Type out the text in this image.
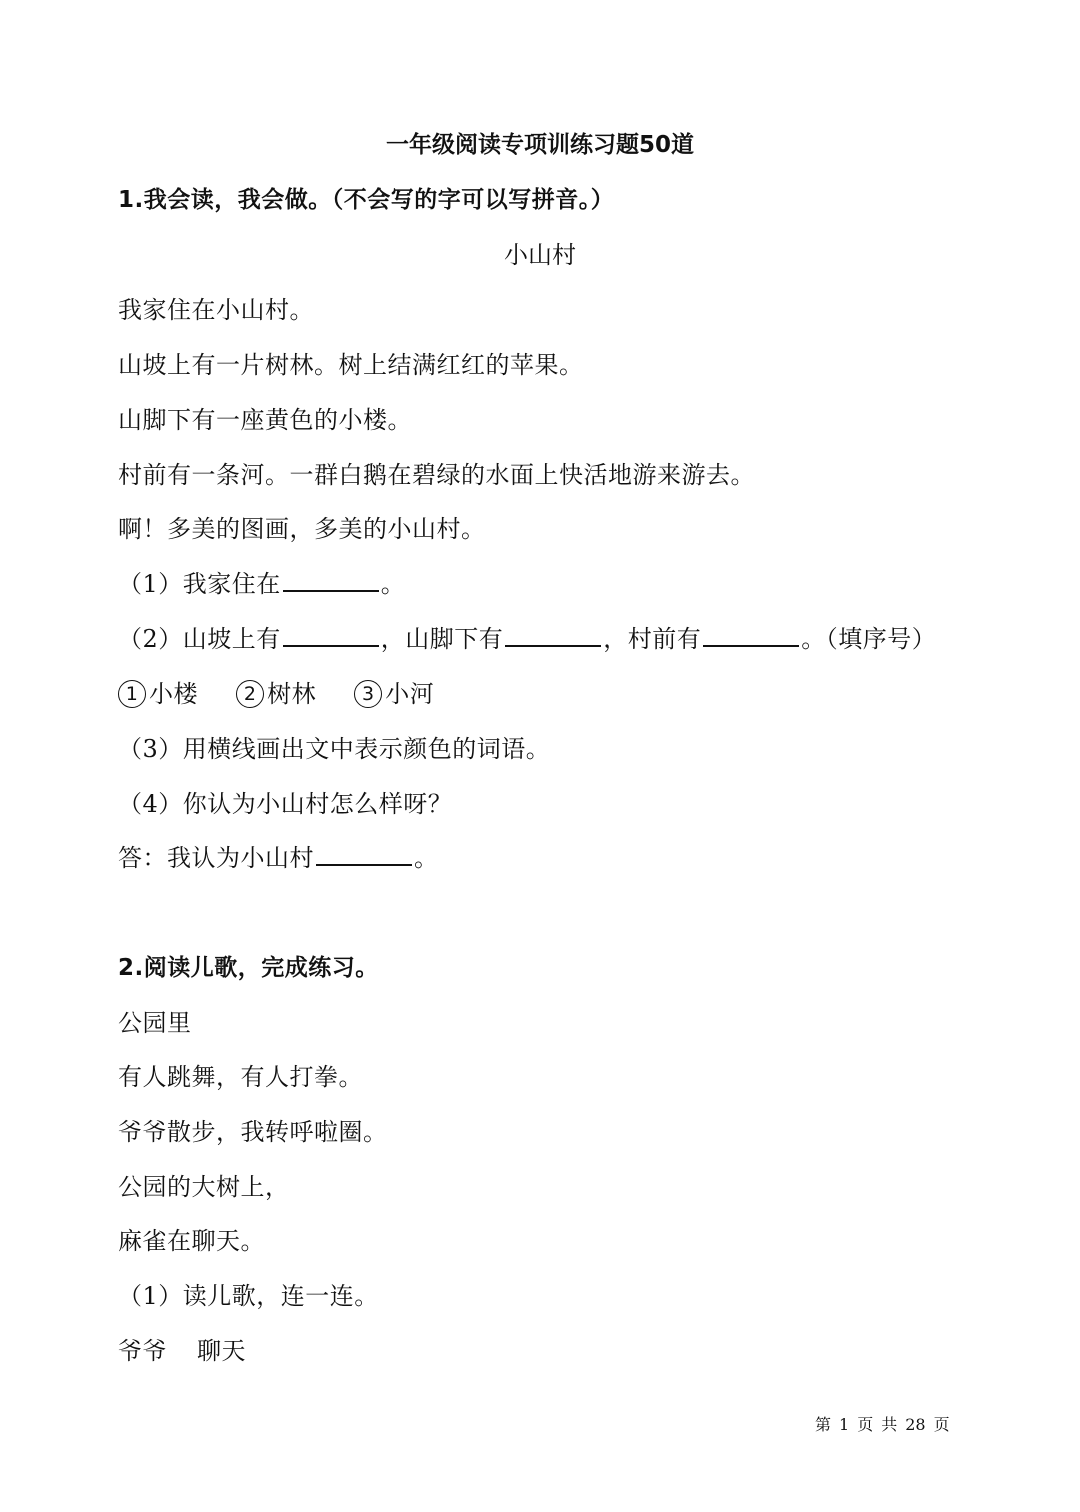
一年级阅读专项训练习题50道
1.我会读，我会做。（不会写的字可以写拼音。）
小山村
我家住在小山村。
山坡上有一片树林。树上结满红红的苹果。
山脚下有一座黄色的小楼。
村前有一条河。一群白鹅在碧绿的水面上快活地游来游去。
啊！多美的图画，多美的小山村。
（1）我家住在	。
（2）山坡上有	，山脚下有	，村前有	。（填序号）
1 小楼 2 树林 3 小河
（3）用横线画出文中表示颜色的词语。
（4）你认为小山村怎么样呀？
答：我认为小山村	。
2.阅读儿歌，完成练习。
公园里
有人跳舞，有人打拳。
爷爷散步，我转呼啦圈。
公园的大树上，
麻雀在聊天。
（1）读儿歌，连一连。
爷爷 聊天
第 1 页 共 28 页
